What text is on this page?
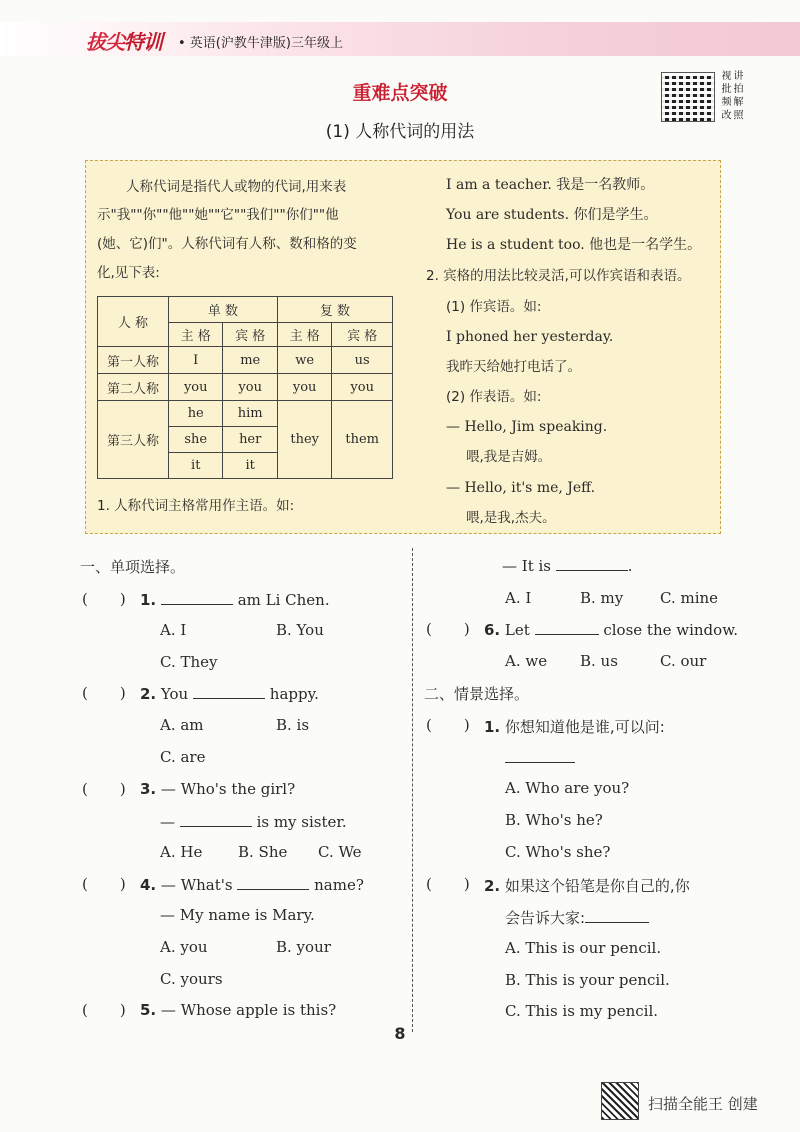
拔尖特训 • 英语(沪教牛津版)三年级上
重难点突破
(1) 人称代词的用法
讲 拍 解 照 视 批 频 改
人称代词是指代人或物的代词,用来表
示"我""你""他""她""它""我们""你们""他
(她、它)们"。人称代词有人称、数和格的变
化,见下表:
人 称	单 数		复 数	
	主 格	宾 格	主 格	宾 格
第一人称	I	me	we	us
第二人称	you	you	you	you
第三人称	he	him	they	them
	she	her		
	it	it		
1. 人称代词主格常用作主语。如:
I am a teacher. 我是一名教师。
You are students. 你们是学生。
He is a student too. 他也是一名学生。
2. 宾格的用法比较灵活,可以作宾语和表语。
(1) 作宾语。如:
I phoned her yesterday.
我昨天给她打电话了。
(2) 作表语。如:
— Hello, Jim speaking.
喂,我是吉姆。
— Hello, it's me, Jeff.
喂,是我,杰夫。
一、单项选择。
( ) 1.	am Li Chen.
A. I	B. You
C. They
( ) 2. You	happy.
A. am	B. is
C. are
( ) 3. — Who's the girl?
—	is my sister.
A. He B. She C. We
( ) 4. — What's	name?
— My name is Mary.
A. you	B. your
C. yours
( ) 5. — Whose apple is this?
— It is	.
A. I	B. my C. mine
( ) 6. Let	close the window.
A. we B. us	C. our
二、情景选择。
( ) 1. 你想知道他是谁,可以问:
A. Who are you?
B. Who's he?
C. Who's she?
( ) 2. 如果这个铅笔是你自己的,你
会告诉大家:
A. This is our pencil.
B. This is your pencil.
C. This is my pencil.
8
扫描全能王 创建
